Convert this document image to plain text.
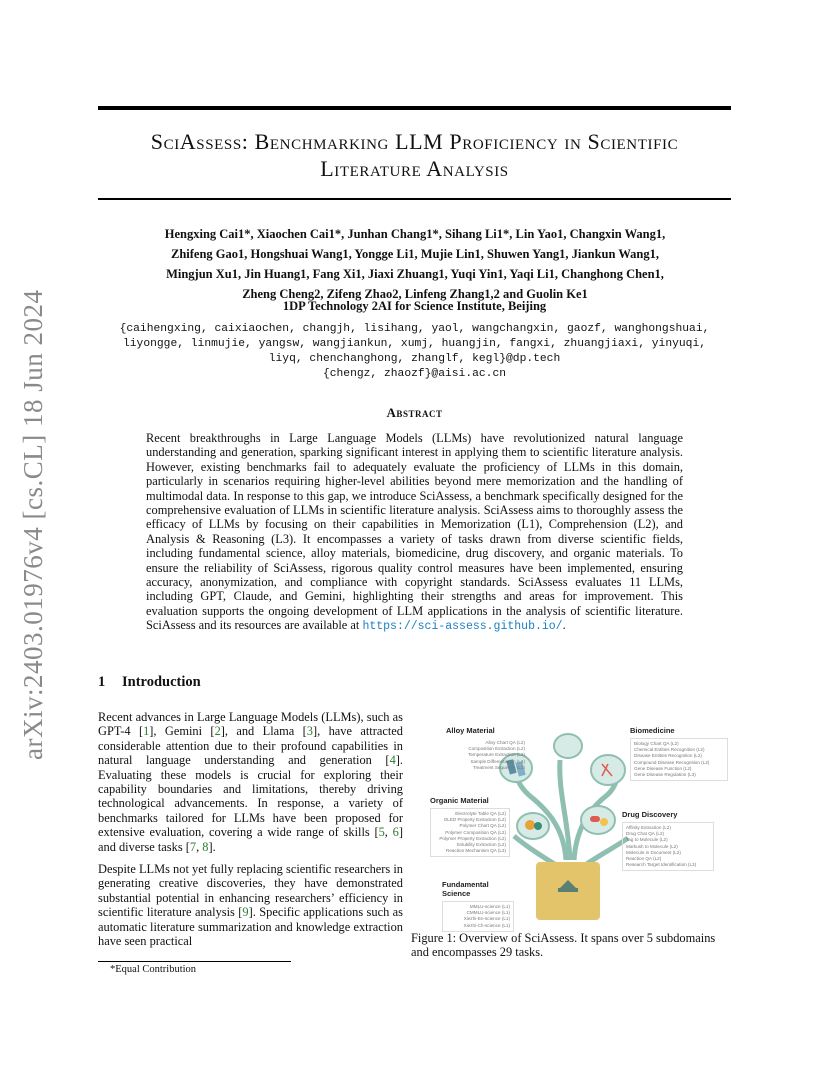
arXiv:2403.01976v4 [cs.CL] 18 Jun 2024
SciAssess: Benchmarking LLM Proficiency in Scientific
Literature Analysis
Hengxing Cai1*, Xiaochen Cai1*, Junhan Chang1*, Sihang Li1*, Lin Yao1, Changxin Wang1,
Zhifeng Gao1, Hongshuai Wang1, Yongge Li1, Mujie Lin1, Shuwen Yang1, Jiankun Wang1,
Mingjun Xu1, Jin Huang1, Fang Xi1, Jiaxi Zhuang1, Yuqi Yin1, Yaqi Li1, Changhong Chen1,
Zheng Cheng2, Zifeng Zhao2, Linfeng Zhang1,2 and Guolin Ke1
1DP Technology 2AI for Science Institute, Beijing
{caihengxing, caixiaochen, changjh, lisihang, yaol, wangchangxin, gaozf, wanghongshuai,
liyongge, linmujie, yangsw, wangjiankun, xumj, huangjin, fangxi, zhuangjiaxi, yinyuqi,
liyq, chenchanghong, zhanglf, kegl}@dp.tech
{chengz, zhaozf}@aisi.ac.cn
Abstract
Recent breakthroughs in Large Language Models (LLMs) have revolutionized natural language understanding and generation, sparking significant interest in applying them to scientific literature analysis. However, existing benchmarks fail to adequately evaluate the proficiency of LLMs in this domain, particularly in scenarios requiring higher-level abilities beyond mere memorization and the handling of multimodal data. In response to this gap, we introduce SciAssess, a benchmark specifically designed for the comprehensive evaluation of LLMs in scientific literature analysis. SciAssess aims to thoroughly assess the efficacy of LLMs by focusing on their capabilities in Memorization (L1), Comprehension (L2), and Analysis & Reasoning (L3). It encompasses a variety of tasks drawn from diverse scientific fields, including fundamental science, alloy materials, biomedicine, drug discovery, and organic materials. To ensure the reliability of SciAssess, rigorous quality control measures have been implemented, ensuring accuracy, anonymization, and compliance with copyright standards. SciAssess evaluates 11 LLMs, including GPT, Claude, and Gemini, highlighting their strengths and areas for improvement. This evaluation supports the ongoing development of LLM applications in the analysis of scientific literature. SciAssess and its resources are available at https://sci-assess.github.io/.
1 Introduction
Recent advances in Large Language Models (LLMs), such as GPT-4 [1], Gemini [2], and Llama [3], have attracted considerable attention due to their profound capabilities in natural language understanding and generation [4]. Evaluating these models is crucial for exploring their capability boundaries and limitations, thereby driving technological advancements. In response, a variety of benchmarks tailored for LLMs have been proposed for extensive evaluation, covering a wide range of skills [5, 6] and diverse tasks [7, 8].
Despite LLMs not yet fully replacing scientific researchers in generating creative discoveries, they have demonstrated substantial potential in enhancing researchers’ efficiency in scientific literature analysis [9]. Specific applications such as automatic literature summarization and knowledge extraction have seen practical
*Equal Contribution
Alloy Material
Alloy Chart QA (L2)
Composition Extraction (L2)
Temperature Extraction (L2)
Sample Differentiation (L3)
Treatment Sequence (L3)
Biomedicine
Biology Chart QA (L2)
Chemical Entities Recognition (L2)
Disease Entities Recognition (L2)
Compound Disease Recognition (L2)
Gene Disease Function (L2)
Gene Disease Regulation (L3)
Organic Material
Electrolyte Table QA (L2)
OLED Property Extraction (L2)
Polymer Chart QA (L2)
Polymer Composition QA (L2)
Polymer Property Extraction (L2)
Solubility Extraction (L2)
Reaction Mechanism QA (L3)
Drug Discovery
Affinity Extraction (L2)
Drug Chat QA (L2)
Tag to Molecule (L2)
Markush to Molecule (L2)
Molecule in Document (L2)
Reaction QA (L2)
Research Target Identification (L3)
Fundamental Science
MMLU-science (L1)
CMMLU-science (L1)
Xiezhi-En-science (L1)
Xiezhi-Ch-science (L1)
Figure 1: Overview of SciAssess. It spans over 5 subdomains and encompasses 29 tasks.
